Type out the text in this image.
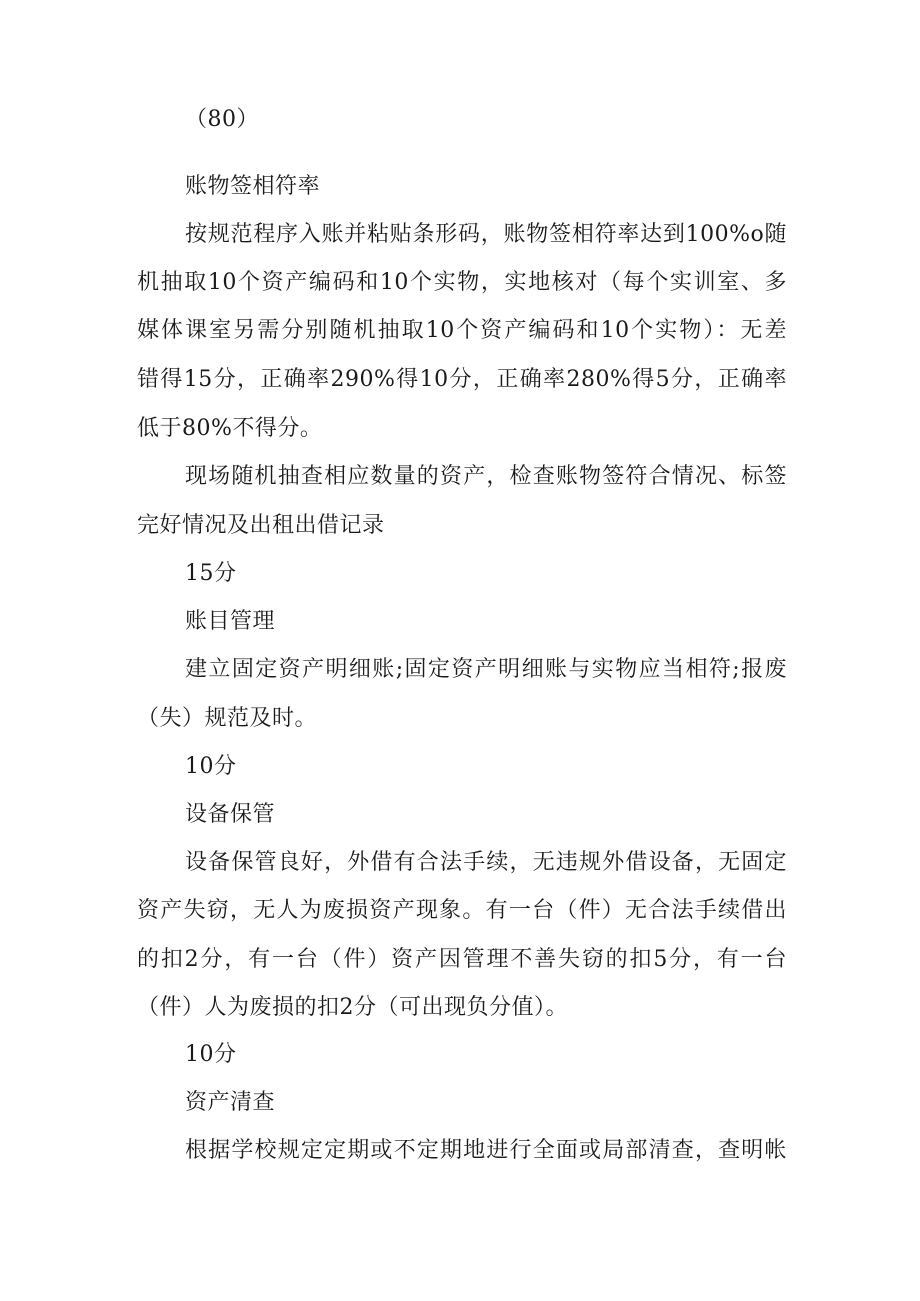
（80）
账物签相符率
按规范程序入账并粘贴条形码，账物签相符率达到100%o随
机抽取10个资产编码和10个实物，实地核对（每个实训室、多
媒体课室另需分别随机抽取10个资产编码和10个实物）：无差
错得15分，正确率290%得10分，正确率280%得5分，正确率
低于80%不得分。
现场随机抽查相应数量的资产，检查账物签符合情况、标签
完好情况及出租出借记录
15分
账目管理
建立固定资产明细账;固定资产明细账与实物应当相符;报废
（失）规范及时。
10分
设备保管
设备保管良好，外借有合法手续，无违规外借设备，无固定
资产失窃，无人为废损资产现象。有一台（件）无合法手续借出
的扣2分，有一台（件）资产因管理不善失窃的扣5分，有一台
（件）人为废损的扣2分（可出现负分值）。
10分
资产清查
根据学校规定定期或不定期地进行全面或局部清查，查明帐
